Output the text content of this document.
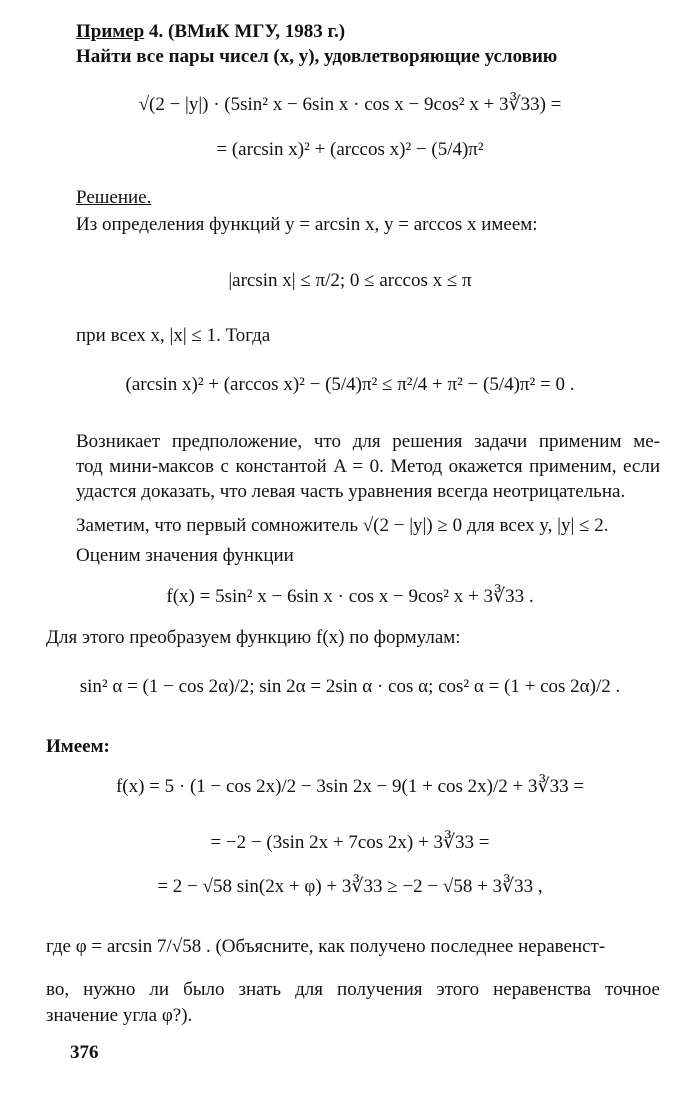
Пример 4. (ВМиК МГУ, 1983 г.)
Найти все пары чисел (x, y), удовлетворяющие условию
√(2 − |y|) · (5sin² x − 6sin x · cos x − 9cos² x + 3∛33) =
= (arcsin x)² + (arccos x)² − (5/4)π²
Решение.
Из определения функций y = arcsin x, y = arccos x имеем:
|arcsin x| ≤ π/2; 0 ≤ arccos x ≤ π
при всех x, |x| ≤ 1. Тогда
(arcsin x)² + (arccos x)² − (5/4)π² ≤ π²/4 + π² − (5/4)π² = 0 .
Возникает предположение, что для решения задачи применим ме-
тод мини-максов с константой A = 0. Метод окажется применим, если
удастся доказать, что левая часть уравнения всегда неотрицательна.
Заметим, что первый сомножитель √(2 − |y|) ≥ 0 для всех y, |y| ≤ 2.
Оценим значения функции
f(x) = 5sin² x − 6sin x · cos x − 9cos² x + 3∛33 .
Для этого преобразуем функцию f(x) по формулам:
sin² α = (1 − cos 2α)/2; sin 2α = 2sin α · cos α; cos² α = (1 + cos 2α)/2 .
Имеем:
f(x) = 5 · (1 − cos 2x)/2 − 3sin 2x − 9(1 + cos 2x)/2 + 3∛33 =
= −2 − (3sin 2x + 7cos 2x) + 3∛33 =
= 2 − √58 sin(2x + φ) + 3∛33 ≥ −2 − √58 + 3∛33 ,
где φ = arcsin 7/√58 . (Объясните, как получено последнее неравенст-
во, нужно ли было знать для получения этого неравенства точное
значение угла φ?).
376
